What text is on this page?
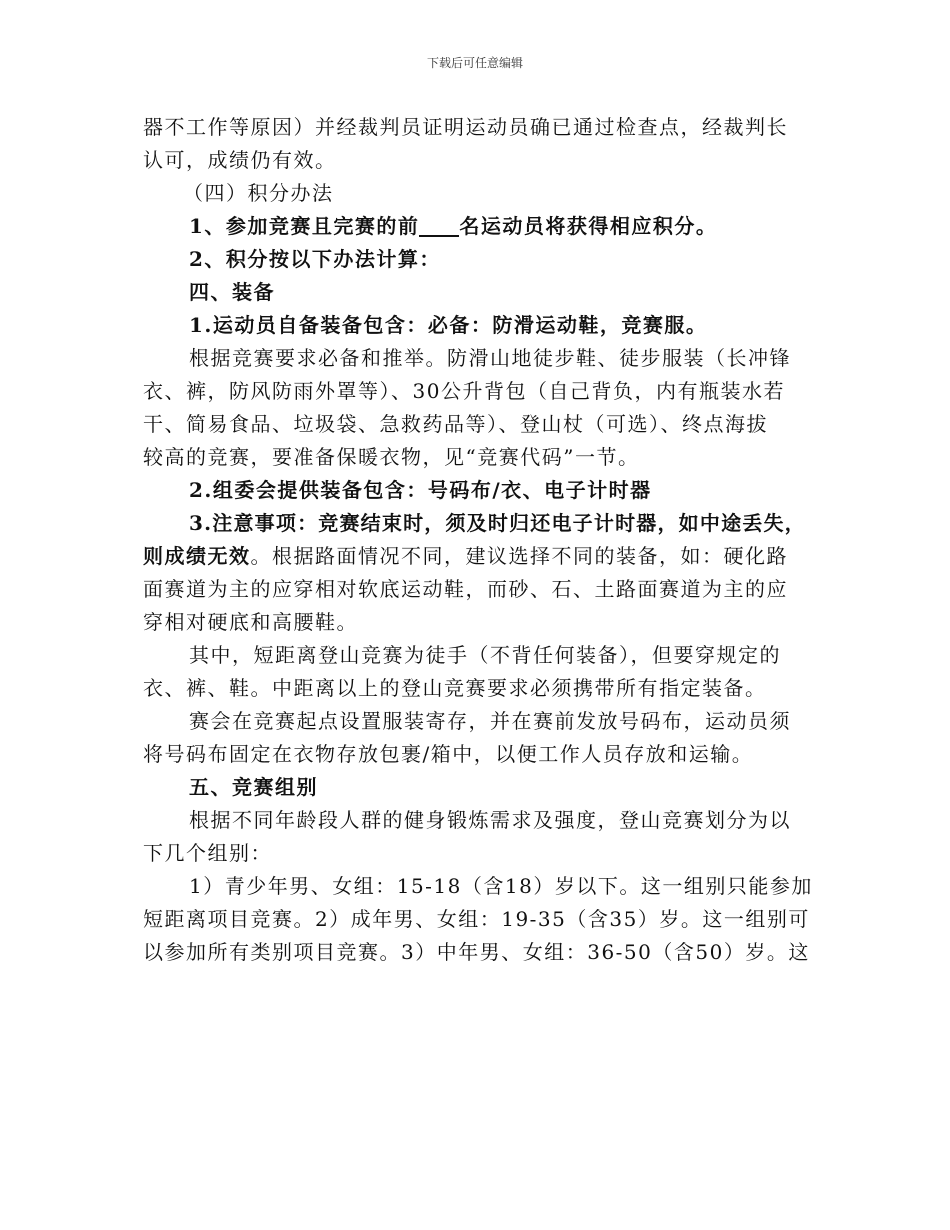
下载后可任意编辑

器不工作等原因）并经裁判员证明运动员确已通过检查点，经裁判长

认可，成绩仍有效。

（四）积分办法

1、参加竞赛且完赛的前 名运动员将获得相应积分。

2、积分按以下办法计算：

四、装备

1.运动员自备装备包含：必备：防滑运动鞋，竞赛服。

根据竞赛要求必备和推举。防滑山地徒步鞋、徒步服装（长冲锋

衣、裤，防风防雨外罩等）、30公升背包（自己背负，内有瓶装水若

干、简易食品、垃圾袋、急救药品等）、登山杖（可选）、终点海拔

较高的竞赛，要准备保暖衣物，见“竞赛代码”一节。

2.组委会提供装备包含：号码布/衣、电子计时器

3.注意事项：竞赛结束时，须及时归还电子计时器，如中途丢失，

则成绩无效。根据路面情况不同，建议选择不同的装备，如：硬化路

面赛道为主的应穿相对软底运动鞋，而砂、石、土路面赛道为主的应

穿相对硬底和高腰鞋。

其中，短距离登山竞赛为徒手（不背任何装备），但要穿规定的

衣、裤、鞋。中距离以上的登山竞赛要求必须携带所有指定装备。

赛会在竞赛起点设置服装寄存，并在赛前发放号码布，运动员须

将号码布固定在衣物存放包裹/箱中，以便工作人员存放和运输。

五、竞赛组别

根据不同年龄段人群的健身锻炼需求及强度，登山竞赛划分为以

下几个组别：

1）青少年男、女组：15-18（含18）岁以下。这一组别只能参加

短距离项目竞赛。2）成年男、女组：19-35（含35）岁。这一组别可

以参加所有类别项目竞赛。3）中年男、女组：36-50（含50）岁。这
